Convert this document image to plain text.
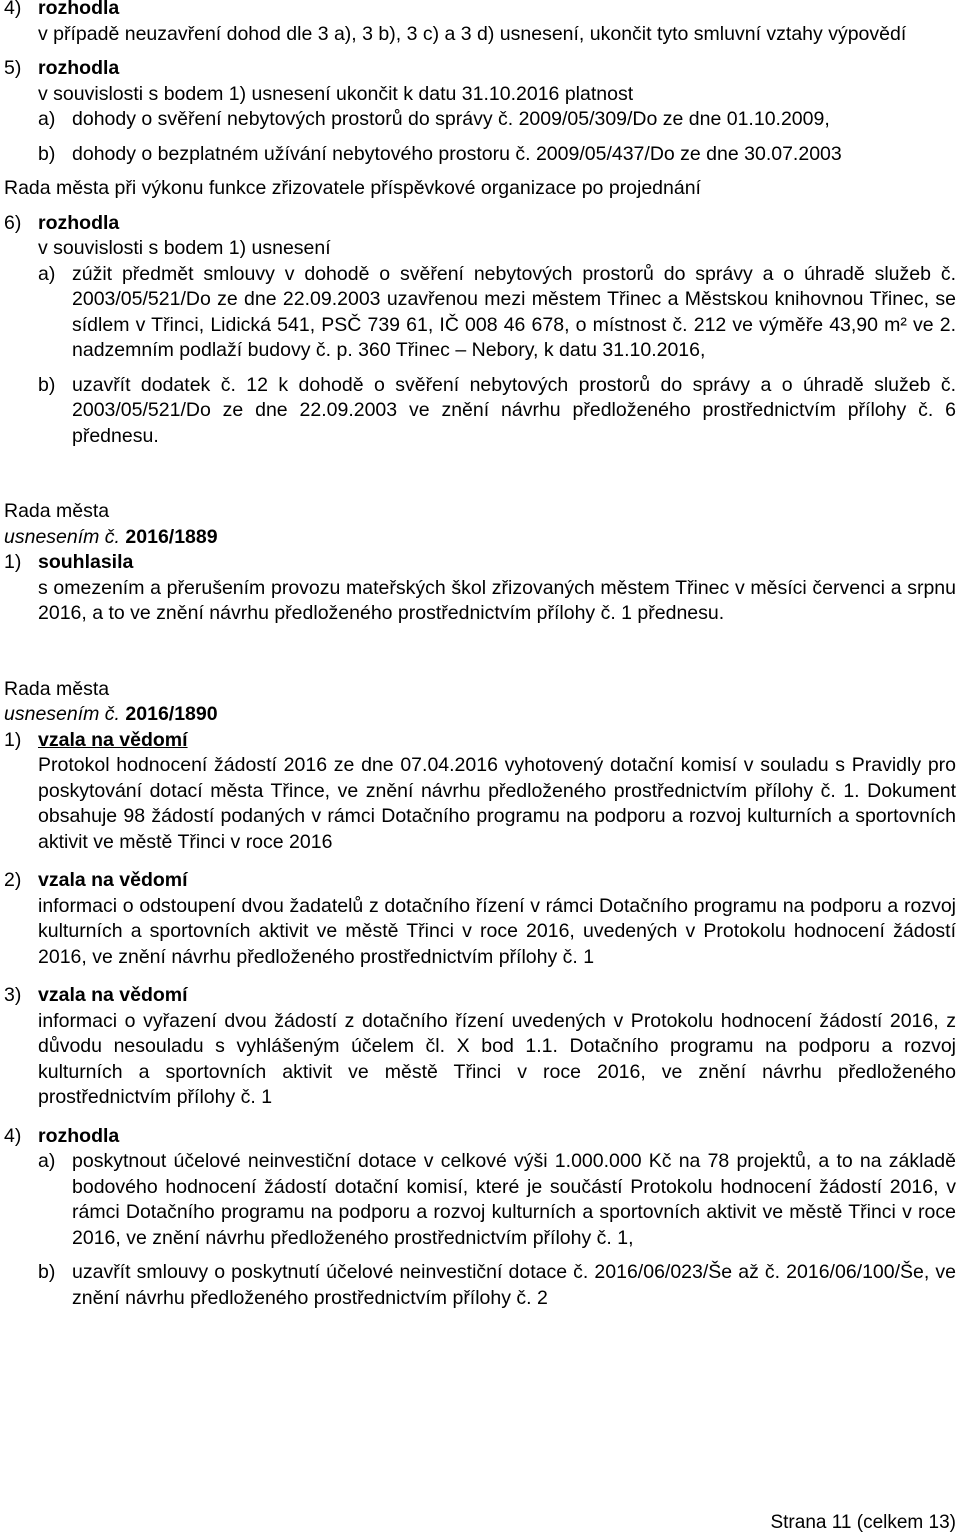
4) rozhodla
v případě neuzavření dohod dle 3 a), 3 b), 3 c) a 3 d) usnesení, ukončit tyto smluvní vztahy výpovědí
5) rozhodla
v souvislosti s bodem 1) usnesení ukončit k datu 31.10.2016 platnost
a) dohody o svěření nebytových prostorů do správy č. 2009/05/309/Do ze dne 01.10.2009,
b) dohody o bezplatném užívání nebytového prostoru č. 2009/05/437/Do ze dne 30.07.2003
Rada města při výkonu funkce zřizovatele příspěvkové organizace po projednání
6) rozhodla
v souvislosti s bodem 1) usnesení
a) zúžit předmět smlouvy v dohodě o svěření nebytových prostorů do správy a o úhradě služeb č. 2003/05/521/Do ze dne 22.09.2003 uzavřenou mezi městem Třinec a Městskou knihovnou Třinec, se sídlem v Třinci, Lidická 541, PSČ 739 61, IČ 008 46 678, o místnost č. 212 ve výměře 43,90 m² ve 2. nadzemním podlaží budovy č. p. 360 Třinec – Nebory, k datu 31.10.2016,
b) uzavřít dodatek č. 12 k dohodě o svěření nebytových prostorů do správy a o úhradě služeb č. 2003/05/521/Do ze dne 22.09.2003 ve znění návrhu předloženého prostřednictvím přílohy č. 6 přednesu.
Rada města
usnesením č. 2016/1889
1) souhlasila
s omezením a přerušením provozu mateřských škol zřizovaných městem Třinec v měsíci červenci a srpnu 2016, a to ve znění návrhu předloženého prostřednictvím přílohy č. 1 přednesu.
Rada města
usnesením č. 2016/1890
1) vzala na vědomí
Protokol hodnocení žádostí 2016 ze dne 07.04.2016 vyhotovený dotační komisí v souladu s Pravidly pro poskytování dotací města Třince, ve znění návrhu předloženého prostřednictvím přílohy č. 1. Dokument obsahuje 98 žádostí podaných v rámci Dotačního programu na podporu a rozvoj kulturních a sportovních aktivit ve městě Třinci v roce 2016
2) vzala na vědomí
informaci o odstoupení dvou žadatelů z dotačního řízení v rámci Dotačního programu na podporu a rozvoj kulturních a sportovních aktivit ve městě Třinci v roce 2016, uvedených v Protokolu hodnocení žádostí 2016, ve znění návrhu předloženého prostřednictvím přílohy č. 1
3) vzala na vědomí
informaci o vyřazení dvou žádostí z dotačního řízení uvedených v Protokolu hodnocení žádostí 2016, z důvodu nesouladu s vyhlášeným účelem čl. X bod 1.1. Dotačního programu na podporu a rozvoj kulturních a sportovních aktivit ve městě Třinci v roce 2016, ve znění návrhu předloženého prostřednictvím přílohy č. 1
4) rozhodla
a) poskytnout účelové neinvestiční dotace v celkové výši 1.000.000 Kč na 78 projektů, a to na základě bodového hodnocení žádostí dotační komisí, které je součástí Protokolu hodnocení žádostí 2016, v rámci Dotačního programu na podporu a rozvoj kulturních a sportovních aktivit ve městě Třinci v roce 2016, ve znění návrhu předloženého prostřednictvím přílohy č. 1,
b) uzavřít smlouvy o poskytnutí účelové neinvestiční dotace č. 2016/06/023/Še až č. 2016/06/100/Še, ve znění návrhu předloženého prostřednictvím přílohy č. 2
Strana 11 (celkem 13)
